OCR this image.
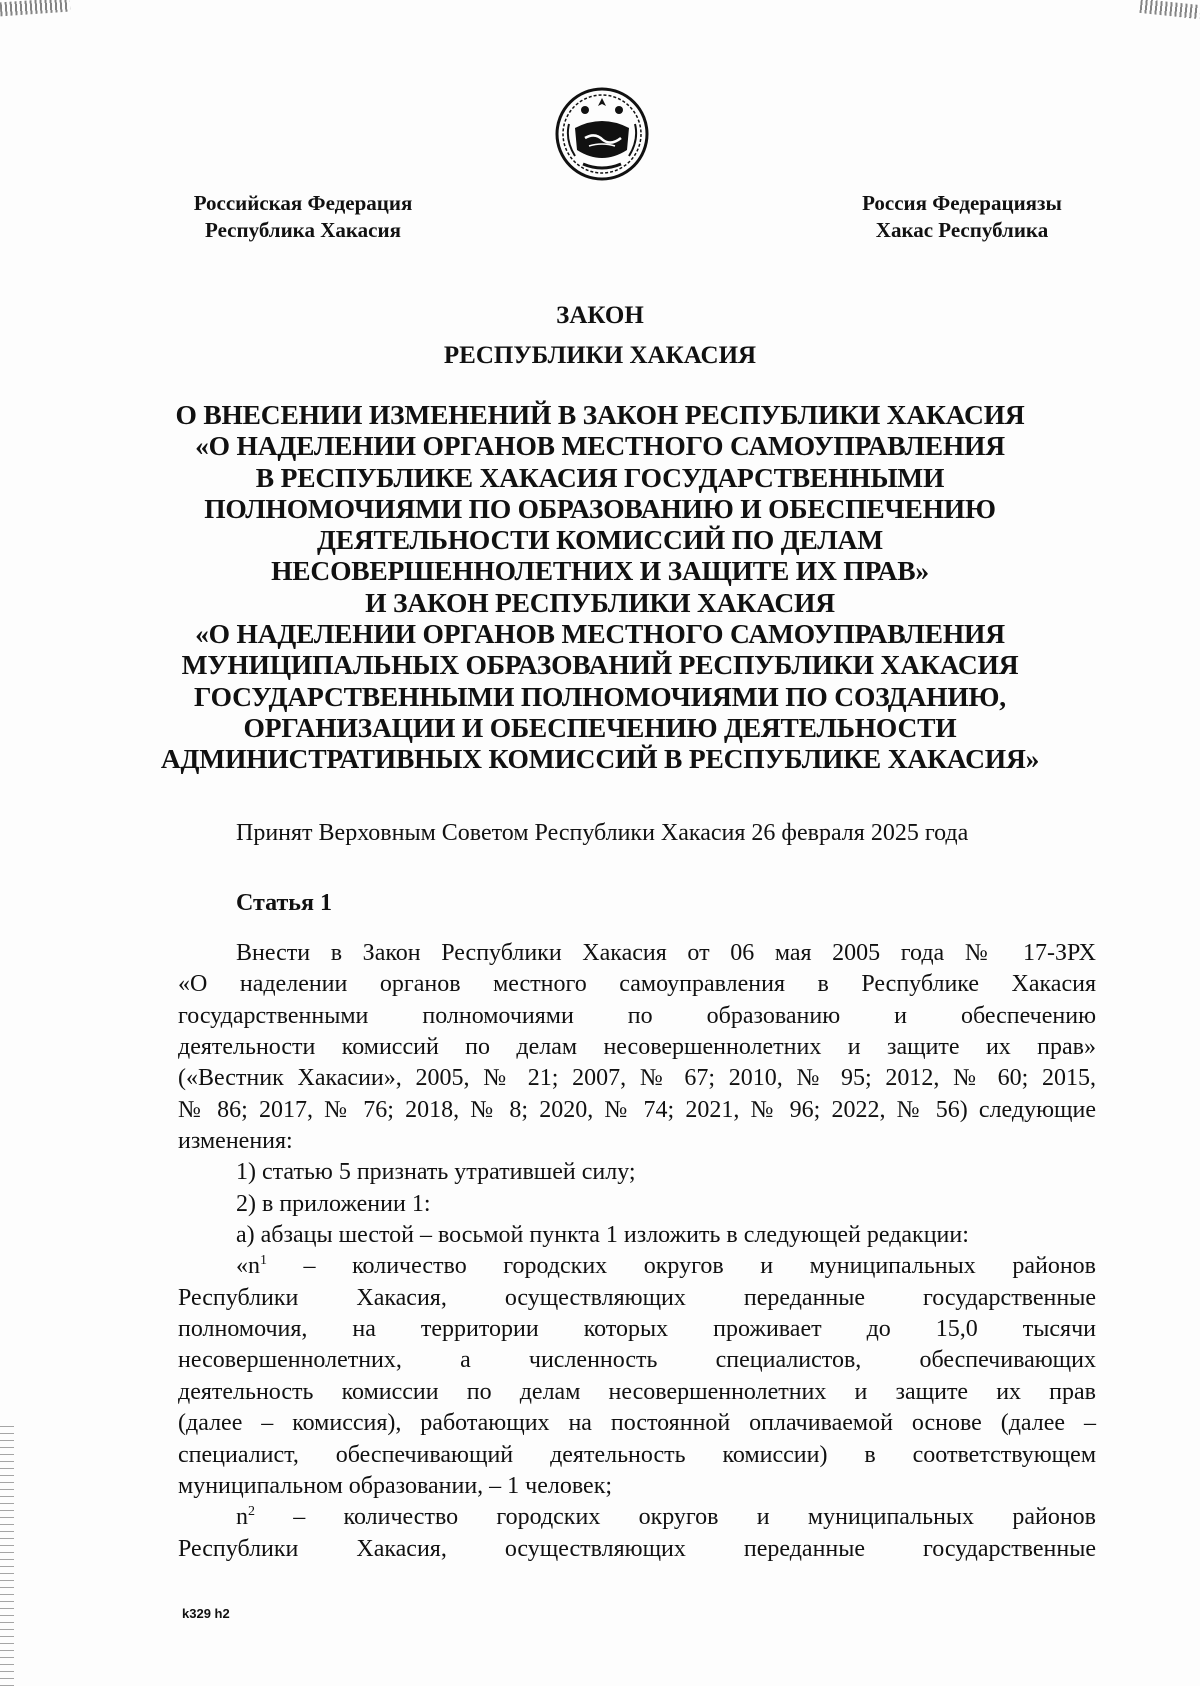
Российская Федерация
Республика Хакасия
Россия Федерациязы
Хакас Республика
ЗАКОН
РЕСПУБЛИКИ ХАКАСИЯ
О ВНЕСЕНИИ ИЗМЕНЕНИЙ В ЗАКОН РЕСПУБЛИКИ ХАКАСИЯ
«О НАДЕЛЕНИИ ОРГАНОВ МЕСТНОГО САМОУПРАВЛЕНИЯ
В РЕСПУБЛИКЕ ХАКАСИЯ ГОСУДАРСТВЕННЫМИ
ПОЛНОМОЧИЯМИ ПО ОБРАЗОВАНИЮ И ОБЕСПЕЧЕНИЮ
ДЕЯТЕЛЬНОСТИ КОМИССИЙ ПО ДЕЛАМ
НЕСОВЕРШЕННОЛЕТНИХ И ЗАЩИТЕ ИХ ПРАВ»
И ЗАКОН РЕСПУБЛИКИ ХАКАСИЯ
«О НАДЕЛЕНИИ ОРГАНОВ МЕСТНОГО САМОУПРАВЛЕНИЯ
МУНИЦИПАЛЬНЫХ ОБРАЗОВАНИЙ РЕСПУБЛИКИ ХАКАСИЯ
ГОСУДАРСТВЕННЫМИ ПОЛНОМОЧИЯМИ ПО СОЗДАНИЮ,
ОРГАНИЗАЦИИ И ОБЕСПЕЧЕНИЮ ДЕЯТЕЛЬНОСТИ
АДМИНИСТРАТИВНЫХ КОМИССИЙ В РЕСПУБЛИКЕ ХАКАСИЯ»
Принят Верховным Советом Республики Хакасия 26 февраля 2025 года
Статья 1
Внести в Закон Республики Хакасия от 06 мая 2005 года № 17-ЗРХ
«О наделении органов местного самоуправления в Республике Хакасия
государственными полномочиями по образованию и обеспечению
деятельности комиссий по делам несовершеннолетних и защите их прав»
(«Вестник Хакасии», 2005, № 21; 2007, № 67; 2010, № 95; 2012, № 60; 2015,
№ 86; 2017, № 76; 2018, № 8; 2020, № 74; 2021, № 96; 2022, № 56) следующие
изменения:
1) статью 5 признать утратившей силу;
2) в приложении 1:
а) абзацы шестой – восьмой пункта 1 изложить в следующей редакции:
«$n^1$ – количество городских округов и муниципальных районов
Республики Хакасия, осуществляющих переданные государственные
полномочия, на территории которых проживает до 15,0 тысячи
несовершеннолетних, а численность специалистов, обеспечивающих
деятельность комиссии по делам несовершеннолетних и защите их прав
(далее – комиссия), работающих на постоянной оплачиваемой основе (далее –
специалист, обеспечивающий деятельность комиссии) в соответствующем
муниципальном образовании, – 1 человек;
$n^2$ – количество городских округов и муниципальных районов
Республики Хакасия, осуществляющих переданные государственные
k329 h2
